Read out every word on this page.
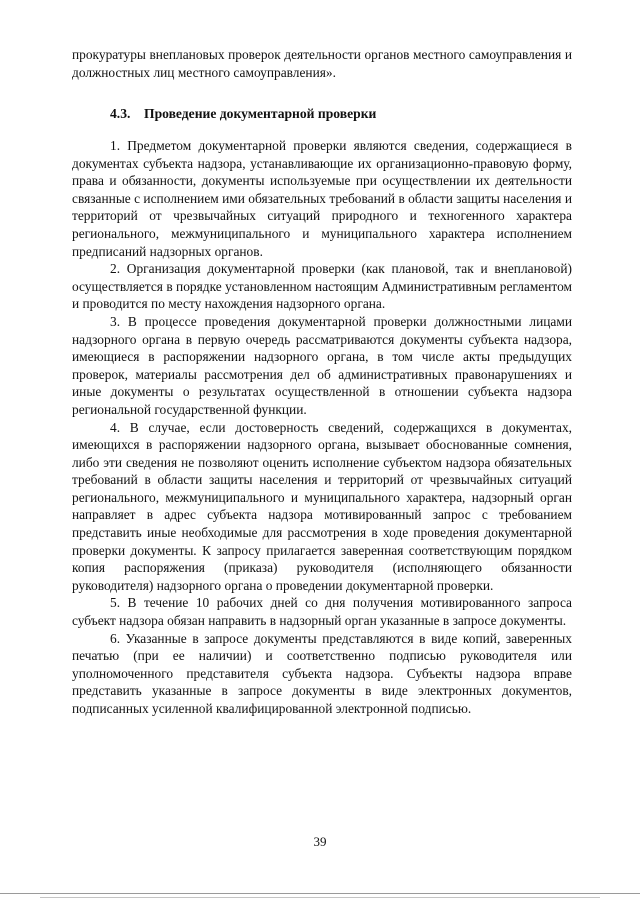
прокуратуры внеплановых проверок деятельности органов местного самоуправления и должностных лиц местного самоуправления».
4.3. Проведение документарной проверки

1. Предметом документарной проверки являются сведения, содержащиеся в документах субъекта надзора, устанавливающие их организационно-правовую форму, права и обязанности, документы используемые при осуществлении их деятельности связанные с исполнением ими обязательных требований в области защиты населения и территорий от чрезвычайных ситуаций природного и техногенного характера регионального, межмуниципального и муниципального характера исполнением предписаний надзорных органов.

2. Организация документарной проверки (как плановой, так и внеплановой) осуществляется в порядке установленном настоящим Административным регламентом и проводится по месту нахождения надзорного органа.

3. В процессе проведения документарной проверки должностными лицами надзорного органа в первую очередь рассматриваются документы субъекта надзора, имеющиеся в распоряжении надзорного органа, в том числе акты предыдущих проверок, материалы рассмотрения дел об административных правонарушениях и иные документы о результатах осуществленной в отношении субъекта надзора региональной государственной функции.

4. В случае, если достоверность сведений, содержащихся в документах, имеющихся в распоряжении надзорного органа, вызывает обоснованные сомнения, либо эти сведения не позволяют оценить исполнение субъектом надзора обязательных требований в области защиты населения и территорий от чрезвычайных ситуаций регионального, межмуниципального и муниципального характера, надзорный орган направляет в адрес субъекта надзора мотивированный запрос с требованием представить иные необходимые для рассмотрения в ходе проведения документарной проверки документы. К запросу прилагается заверенная соответствующим порядком копия распоряжения (приказа) руководителя (исполняющего обязанности руководителя) надзорного органа о проведении документарной проверки.

5. В течение 10 рабочих дней со дня получения мотивированного запроса субъект надзора обязан направить в надзорный орган указанные в запросе документы.

6. Указанные в запросе документы представляются в виде копий, заверенных печатью (при ее наличии) и соответственно подписью руководителя или уполномоченного представителя субъекта надзора. Субъекты надзора вправе представить указанные в запросе документы в виде электронных документов, подписанных усиленной квалифицированной электронной подписью.

39
